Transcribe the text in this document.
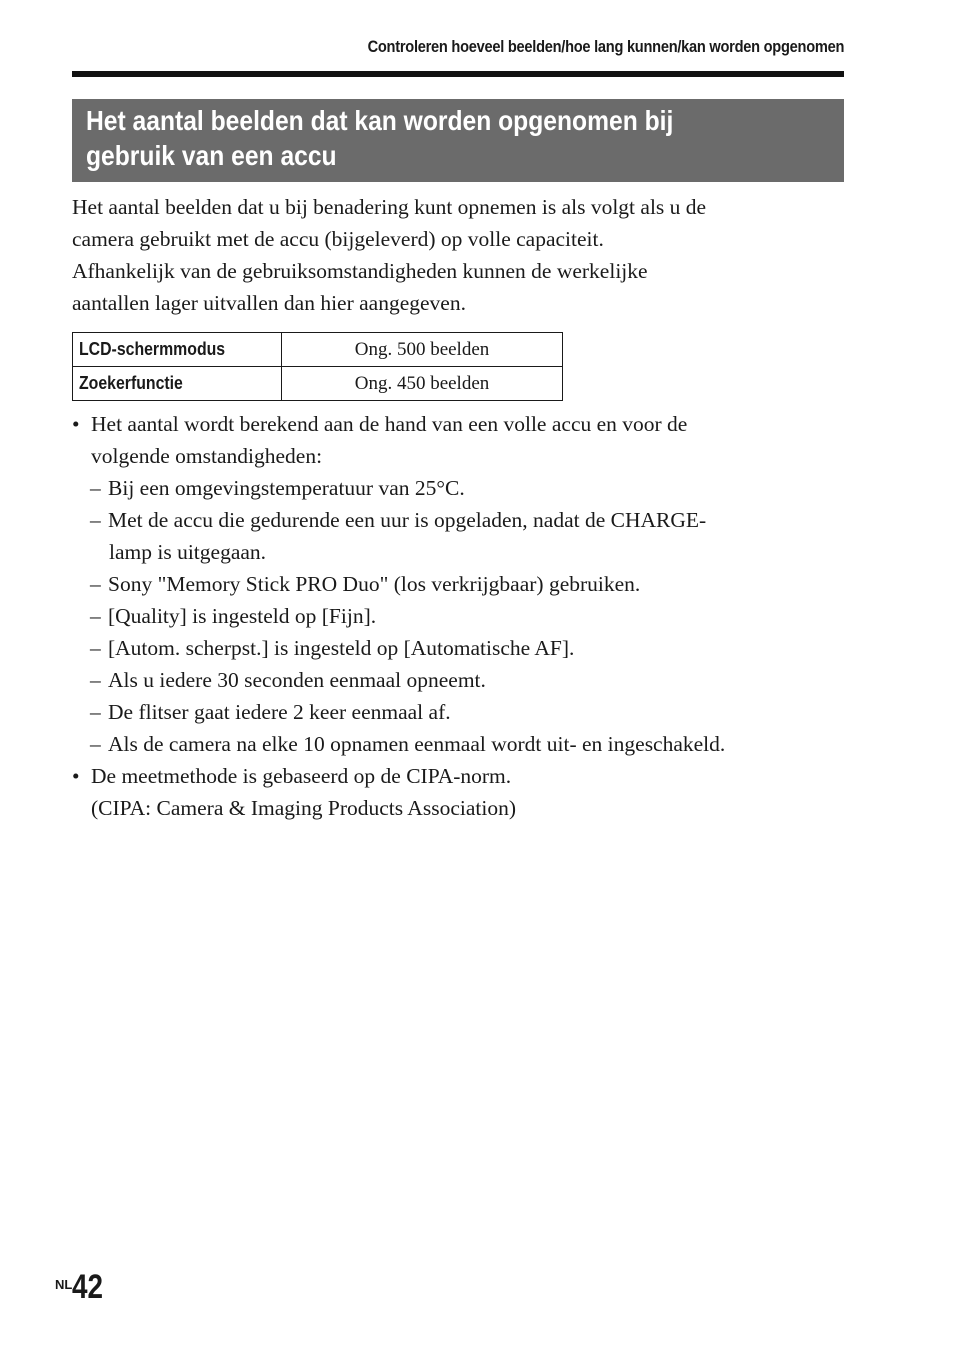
Controleren hoeveel beelden/hoe lang kunnen/kan worden opgenomen
Het aantal beelden dat kan worden opgenomen bij
gebruik van een accu

Het aantal beelden dat u bij benadering kunt opnemen is als volgt als u de
camera gebruikt met de accu (bijgeleverd) op volle capaciteit.
Afhankelijk van de gebruiksomstandigheden kunnen de werkelijke
aantallen lager uitvallen dan hier aangegeven.

LCD-schermmodus	Ong. 500 beelden
Zoekerfunctie	Ong. 450 beelden
• Het aantal wordt berekend aan de hand van een volle accu en voor de
volgende omstandigheden:
– Bij een omgevingstemperatuur van 25°C.
– Met de accu die gedurende een uur is opgeladen, nadat de CHARGE-
lamp is uitgegaan.
– Sony "Memory Stick PRO Duo" (los verkrijgbaar) gebruiken.
– [Quality] is ingesteld op [Fijn].
– [Autom. scherpst.] is ingesteld op [Automatische AF].
– Als u iedere 30 seconden eenmaal opneemt.
– De flitser gaat iedere 2 keer eenmaal af.
– Als de camera na elke 10 opnamen eenmaal wordt uit- en ingeschakeld.
• De meetmethode is gebaseerd op de CIPA-norm.
(CIPA: Camera & Imaging Products Association)
$^{NL}$42
